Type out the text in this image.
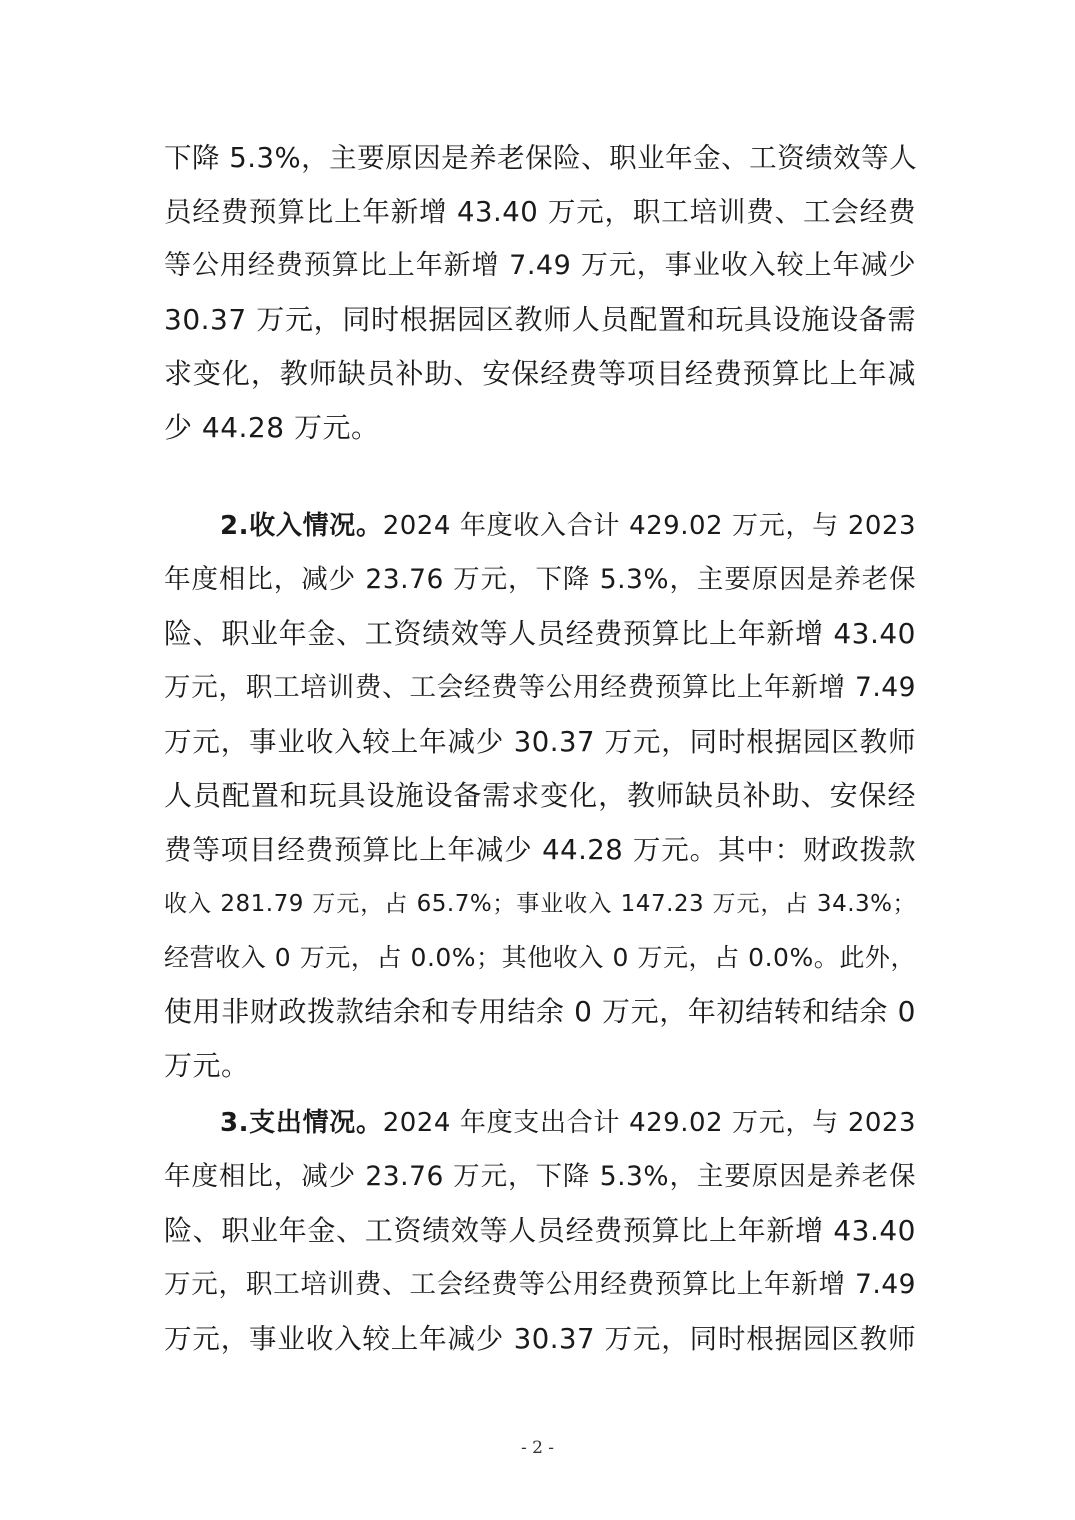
下降 5.3%，主要原因是养老保险、职业年金、工资绩效等人
员经费预算比上年新增 43.40 万元，职工培训费、工会经费
等公用经费预算比上年新增 7.49 万元，事业收入较上年减少
30.37 万元，同时根据园区教师人员配置和玩具设施设备需
求变化，教师缺员补助、安保经费等项目经费预算比上年减
少 44.28 万元。
2.收入情况。2024 年度收入合计 429.02 万元，与 2023
年度相比，减少 23.76 万元，下降 5.3%，主要原因是养老保
险、职业年金、工资绩效等人员经费预算比上年新增 43.40
万元，职工培训费、工会经费等公用经费预算比上年新增 7.49
万元，事业收入较上年减少 30.37 万元，同时根据园区教师
人员配置和玩具设施设备需求变化，教师缺员补助、安保经
费等项目经费预算比上年减少 44.28 万元。其中：财政拨款
收入 281.79 万元，占 65.7%；事业收入 147.23 万元，占 34.3%；
经营收入 0 万元，占 0.0%；其他收入 0 万元，占 0.0%。此外，
使用非财政拨款结余和专用结余 0 万元，年初结转和结余 0
万元。
3.支出情况。2024 年度支出合计 429.02 万元，与 2023
年度相比，减少 23.76 万元，下降 5.3%，主要原因是养老保
险、职业年金、工资绩效等人员经费预算比上年新增 43.40
万元，职工培训费、工会经费等公用经费预算比上年新增 7.49
万元，事业收入较上年减少 30.37 万元，同时根据园区教师
- 2 -
